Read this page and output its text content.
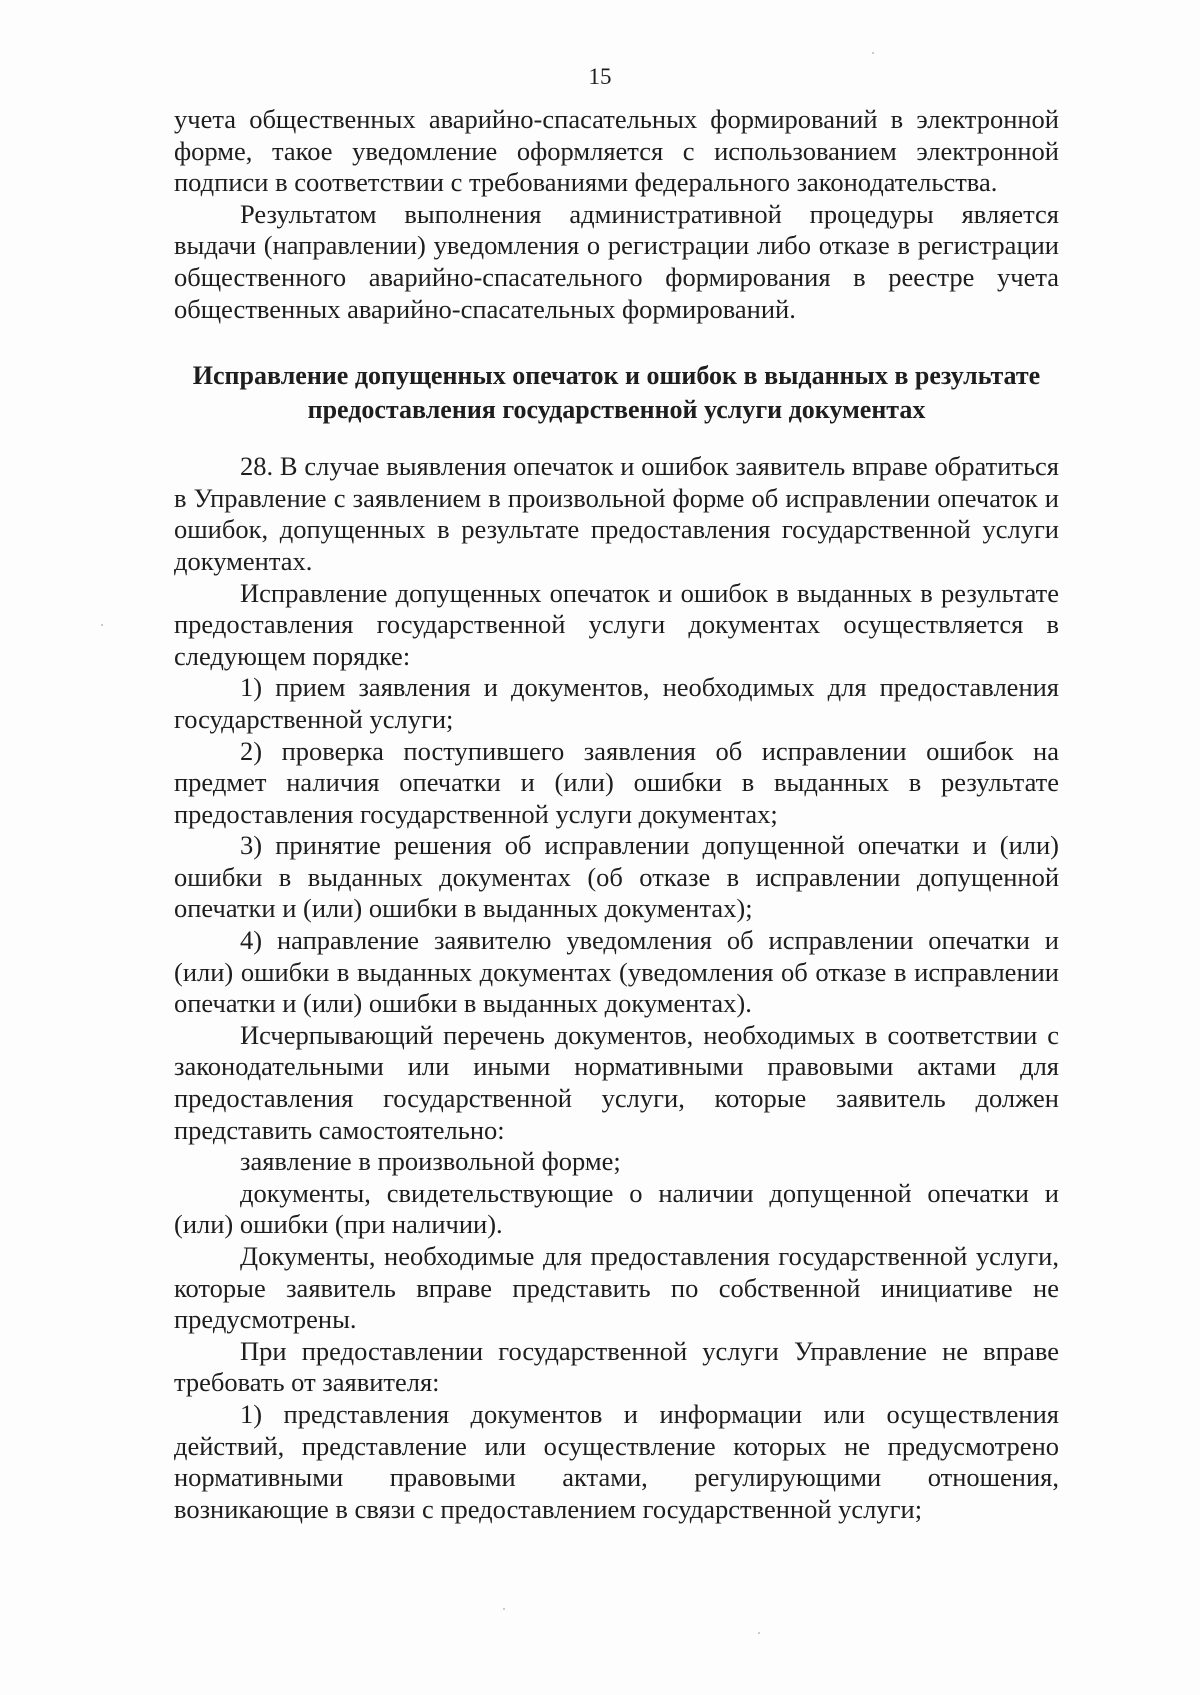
15

учета общественных аварийно-спасательных формирований в электронной форме, такое уведомление оформляется с использованием электронной подписи в соответствии с требованиями федерального законодательства.

Результатом выполнения административной процедуры является выдачи (направлении) уведомления о регистрации либо отказе в регистрации общественного аварийно-спасательного формирования в реестре учета общественных аварийно-спасательных формирований.

Исправление допущенных опечаток и ошибок в выданных в результате предоставления государственной услуги документах

28. В случае выявления опечаток и ошибок заявитель вправе обратиться в Управление с заявлением в произвольной форме об исправлении опечаток и ошибок, допущенных в результате предоставления государственной услуги документах.

Исправление допущенных опечаток и ошибок в выданных в результате предоставления государственной услуги документах осуществляется в следующем порядке:

1) прием заявления и документов, необходимых для предоставления государственной услуги;

2) проверка поступившего заявления об исправлении ошибок на предмет наличия опечатки и (или) ошибки в выданных в результате предоставления государственной услуги документах;

3) принятие решения об исправлении допущенной опечатки и (или) ошибки в выданных документах (об отказе в исправлении допущенной опечатки и (или) ошибки в выданных документах);

4) направление заявителю уведомления об исправлении опечатки и (или) ошибки в выданных документах (уведомления об отказе в исправлении опечатки и (или) ошибки в выданных документах).

Исчерпывающий перечень документов, необходимых в соответствии с законодательными или иными нормативными правовыми актами для предоставления государственной услуги, которые заявитель должен представить самостоятельно:

заявление в произвольной форме;

документы, свидетельствующие о наличии допущенной опечатки и (или) ошибки (при наличии).

Документы, необходимые для предоставления государственной услуги, которые заявитель вправе представить по собственной инициативе не предусмотрены.

При предоставлении государственной услуги Управление не вправе требовать от заявителя:

1) представления документов и информации или осуществления действий, представление или осуществление которых не предусмотрено нормативными правовыми актами, регулирующими отношения, возникающие в связи с предоставлением государственной услуги;
